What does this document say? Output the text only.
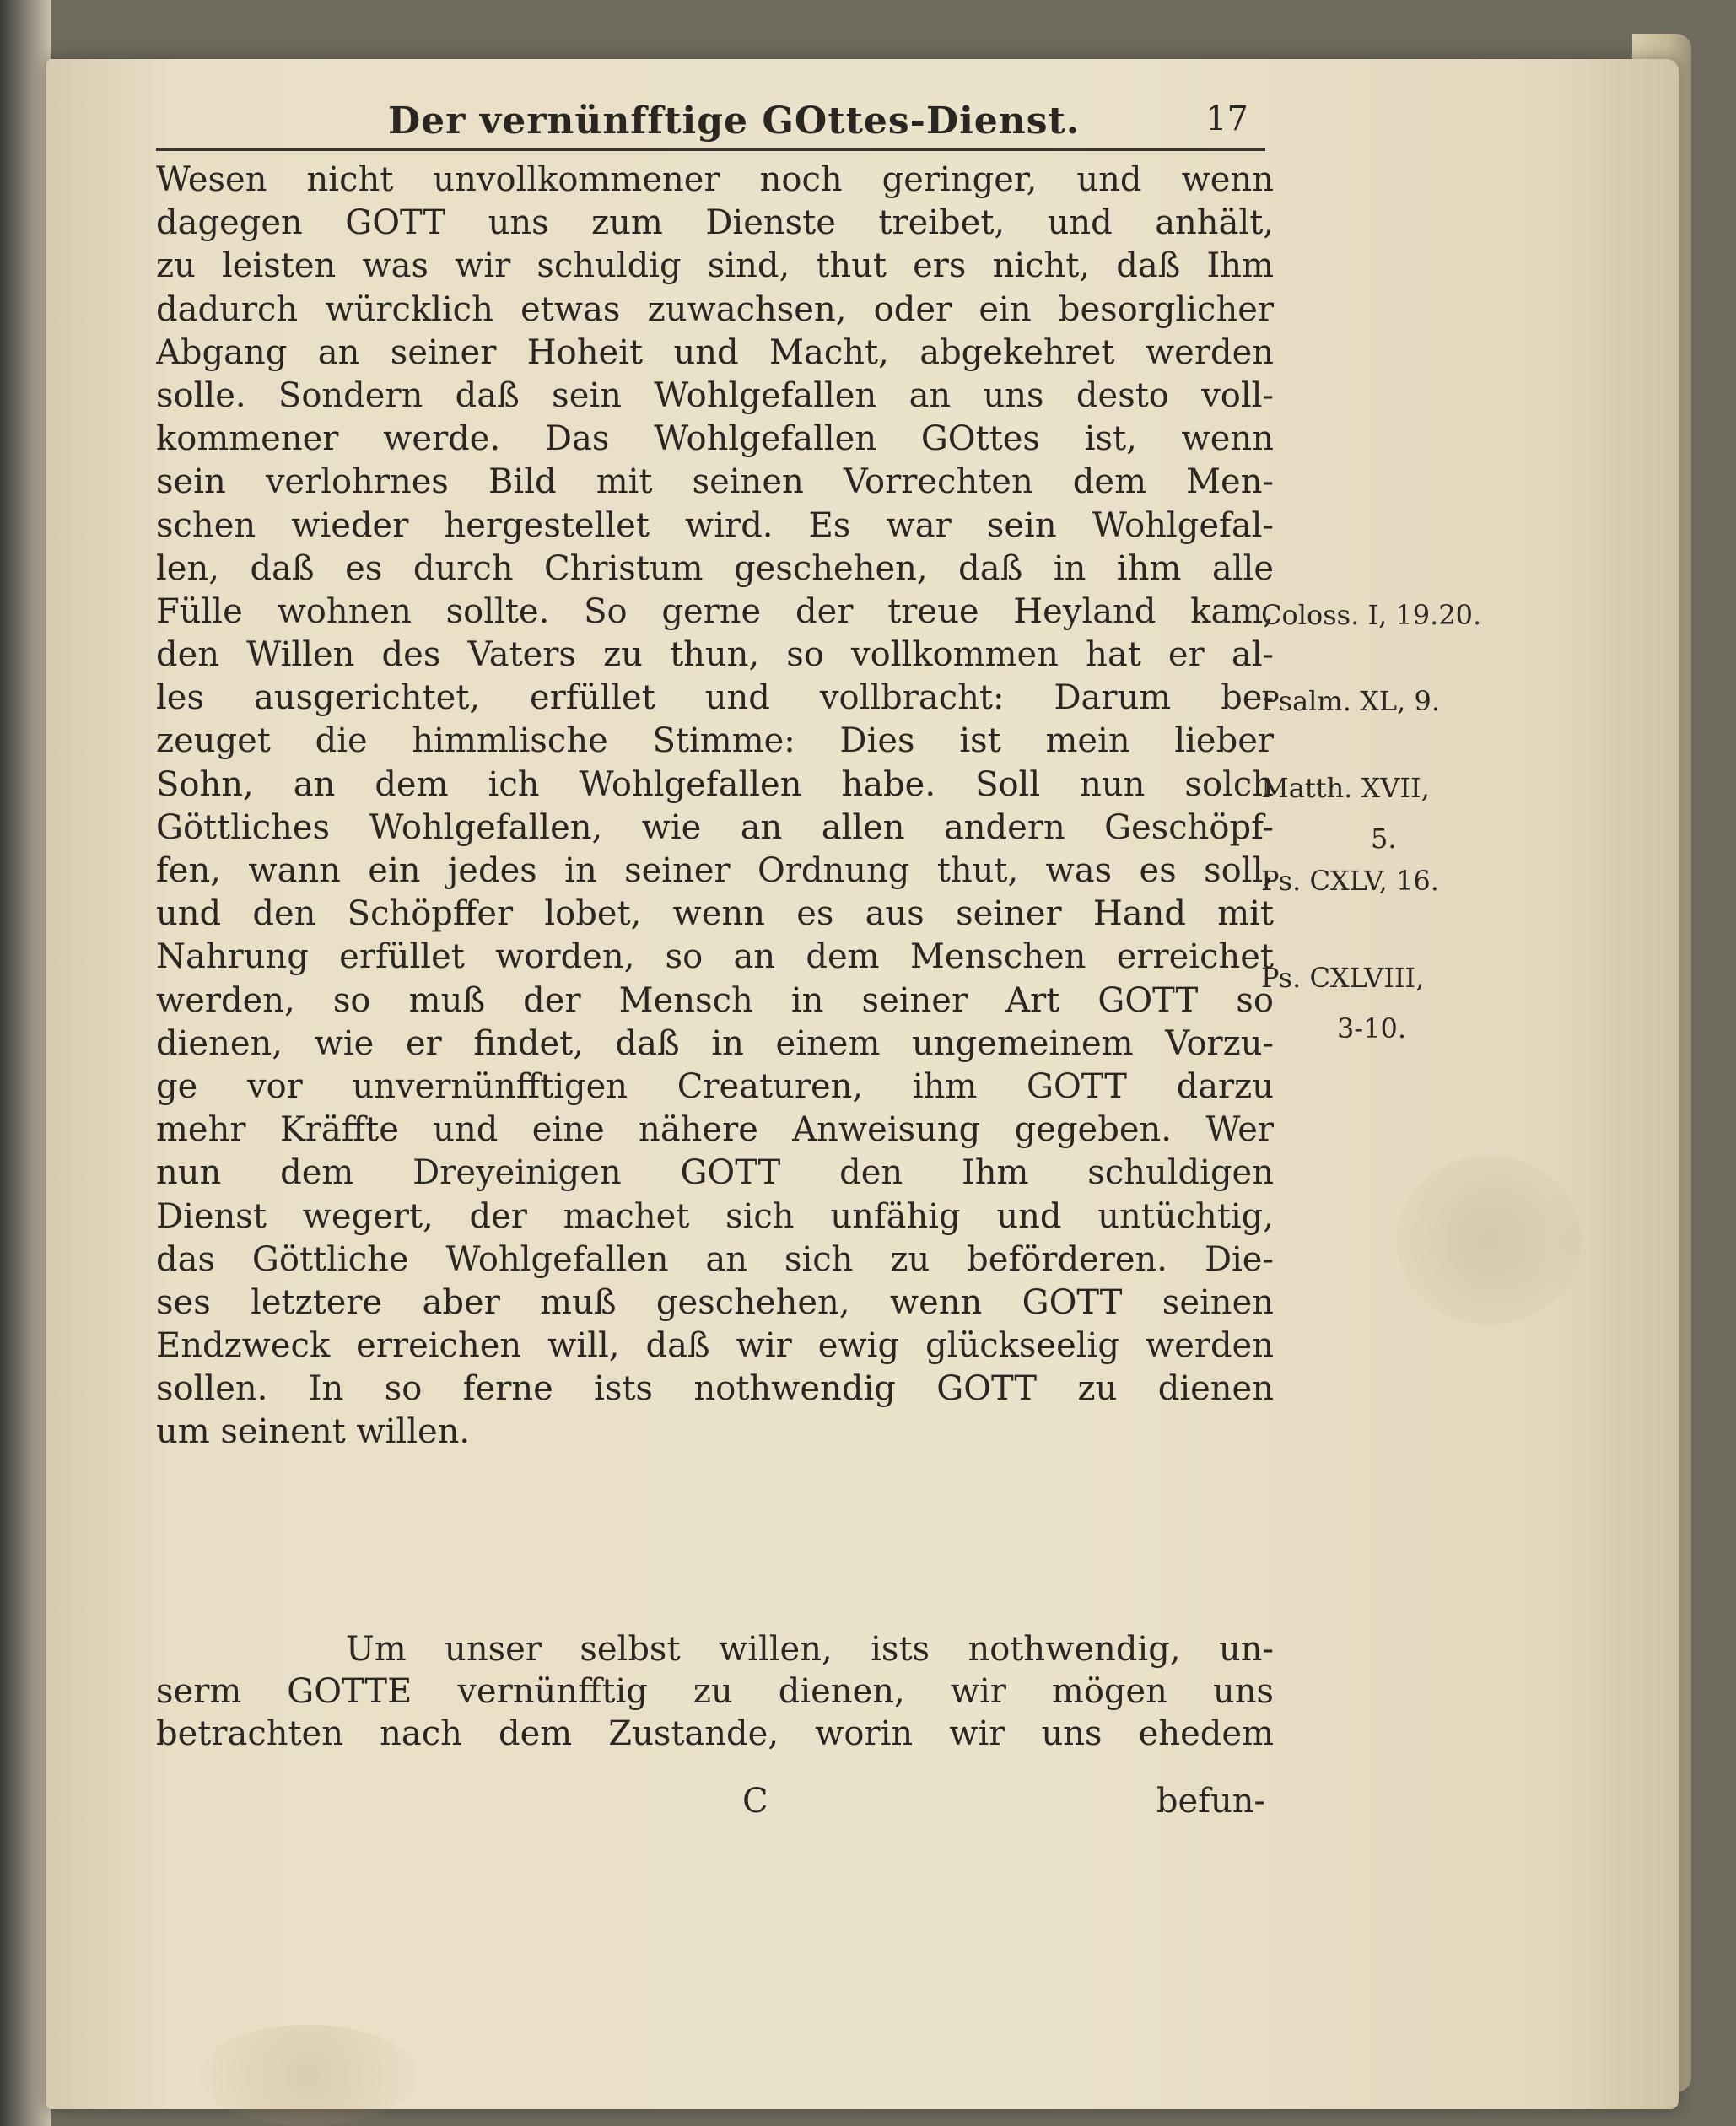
Der vernünfftige GOttes-Dienst.	17
Wesen nicht unvollkommener noch geringer, und wenn
dagegen GOTT uns zum Dienste treibet, und anhält,
zu leisten was wir schuldig sind, thut ers nicht, daß Ihm
dadurch würcklich etwas zuwachsen, oder ein besorglicher
Abgang an seiner Hoheit und Macht, abgekehret werden
solle. Sondern daß sein Wohlgefallen an uns desto voll-
kommener werde. Das Wohlgefallen GOttes ist, wenn
sein verlohrnes Bild mit seinen Vorrechten dem Men-
schen wieder hergestellet wird. Es war sein Wohlgefal-
len, daß es durch Christum geschehen, daß in ihm alle
Fülle wohnen sollte. So gerne der treue Heyland kam,
den Willen des Vaters zu thun, so vollkommen hat er al-
les ausgerichtet, erfüllet und vollbracht: Darum be-
zeuget die himmlische Stimme: Dies ist mein lieber
Sohn, an dem ich Wohlgefallen habe. Soll nun solch
Göttliches Wohlgefallen, wie an allen andern Geschöpf-
fen, wann ein jedes in seiner Ordnung thut, was es soll,
und den Schöpffer lobet, wenn es aus seiner Hand mit
Nahrung erfüllet worden, so an dem Menschen erreichet
werden, so muß der Mensch in seiner Art GOTT so
dienen, wie er findet, daß in einem ungemeinem Vorzu-
ge vor unvernünfftigen Creaturen, ihm GOTT darzu
mehr Kräffte und eine nähere Anweisung gegeben. Wer
nun dem Dreyeinigen GOTT den Ihm schuldigen
Dienst wegert, der machet sich unfähig und untüchtig,
das Göttliche Wohlgefallen an sich zu beförderen. Die-
ses letztere aber muß geschehen, wenn GOTT seinen
Endzweck erreichen will, daß wir ewig glückseelig werden
sollen. In so ferne ists nothwendig GOTT zu dienen
um seinent willen.
Um unser selbst willen, ists nothwendig, un-
serm GOTTE vernünfftig zu dienen, wir mögen uns
betrachten nach dem Zustande, worin wir uns ehedem
C	befun-
Coloss. I, 19.20.
Psalm. XL, 9.
Matth. XVII,
5.
Ps. CXLV, 16.
Ps. CXLVIII,
3-10.
